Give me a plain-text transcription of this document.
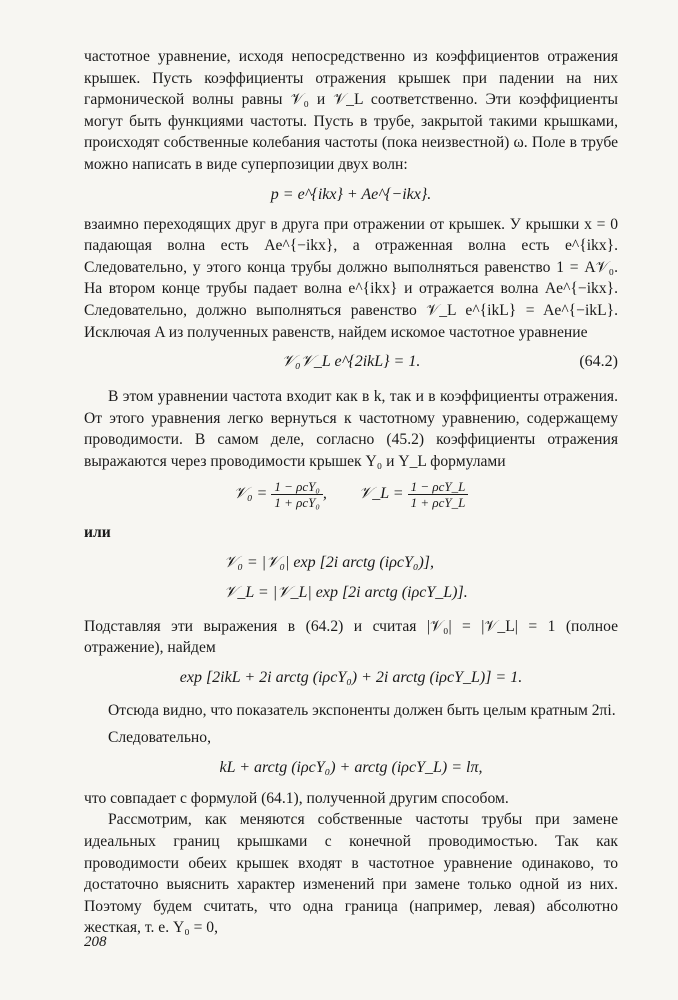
частотное уравнение, исходя непосредственно из коэффициентов отражения крышек. Пусть коэффициенты отражения крышек при падении на них гармонической волны равны 𝒱₀ и 𝒱_L соответственно. Эти коэффициенты могут быть функциями частоты. Пусть в трубе, закрытой такими крышками, происходят собственные колебания частоты (пока неизвестной) ω. Поле в трубе можно написать в виде суперпозиции двух волн:

p = e^{ikx} + Ae^{−ikx}.

взаимно переходящих друг в друга при отражении от крышек. У крышки x = 0 падающая волна есть Ae^{−ikx}, а отраженная волна есть e^{ikx}. Следовательно, у этого конца трубы должно выполняться равенство 1 = A𝒱₀. На втором конце трубы падает волна e^{ikx} и отражается волна Ae^{−ikx}. Следовательно, должно выполняться равенство 𝒱_L e^{ikL} = Ae^{−ikL}. Исключая A из полученных равенств, найдем искомое частотное уравнение

𝒱₀𝒱_L e^{2ikL} = 1.	(64.2)

В этом уравнении частота входит как в k, так и в коэффициенты отражения. От этого уравнения легко вернуться к частотному уравнению, содержащему проводимости. В самом деле, согласно (45.2) коэффициенты отражения выражаются через проводимости крышек Y₀ и Y_L формулами

𝒱₀ = $\frac{\text{1 − ρcY₀}}{\text{1 + ρcY₀}}$ , 𝒱_L = $\frac{\text{1 − ρcY\_L}}{\text{1 + ρcY\_L}}$
или
𝒱₀ = |𝒱₀| exp [2i arctg (iρcY₀)],
𝒱_L = |𝒱_L| exp [2i arctg (iρcY_L)].

Подставляя эти выражения в (64.2) и считая |𝒱₀| = |𝒱_L| = 1 (полное отражение), найдем

exp [2ikL + 2i arctg (iρcY₀) + 2i arctg (iρcY_L)] = 1.

Отсюда видно, что показатель экспоненты должен быть целым кратным 2πi.

Следовательно,

kL + arctg (iρcY₀) + arctg (iρcY_L) = lπ,

что совпадает с формулой (64.1), полученной другим способом.

Рассмотрим, как меняются собственные частоты трубы при замене идеальных границ крышками с конечной проводимостью. Так как проводимости обеих крышек входят в частотное уравнение одинаково, то достаточно выяснить характер изменений при замене только одной из них. Поэтому будем считать, что одна граница (например, левая) абсолютно жесткая, т. е. Y₀ = 0,

208
